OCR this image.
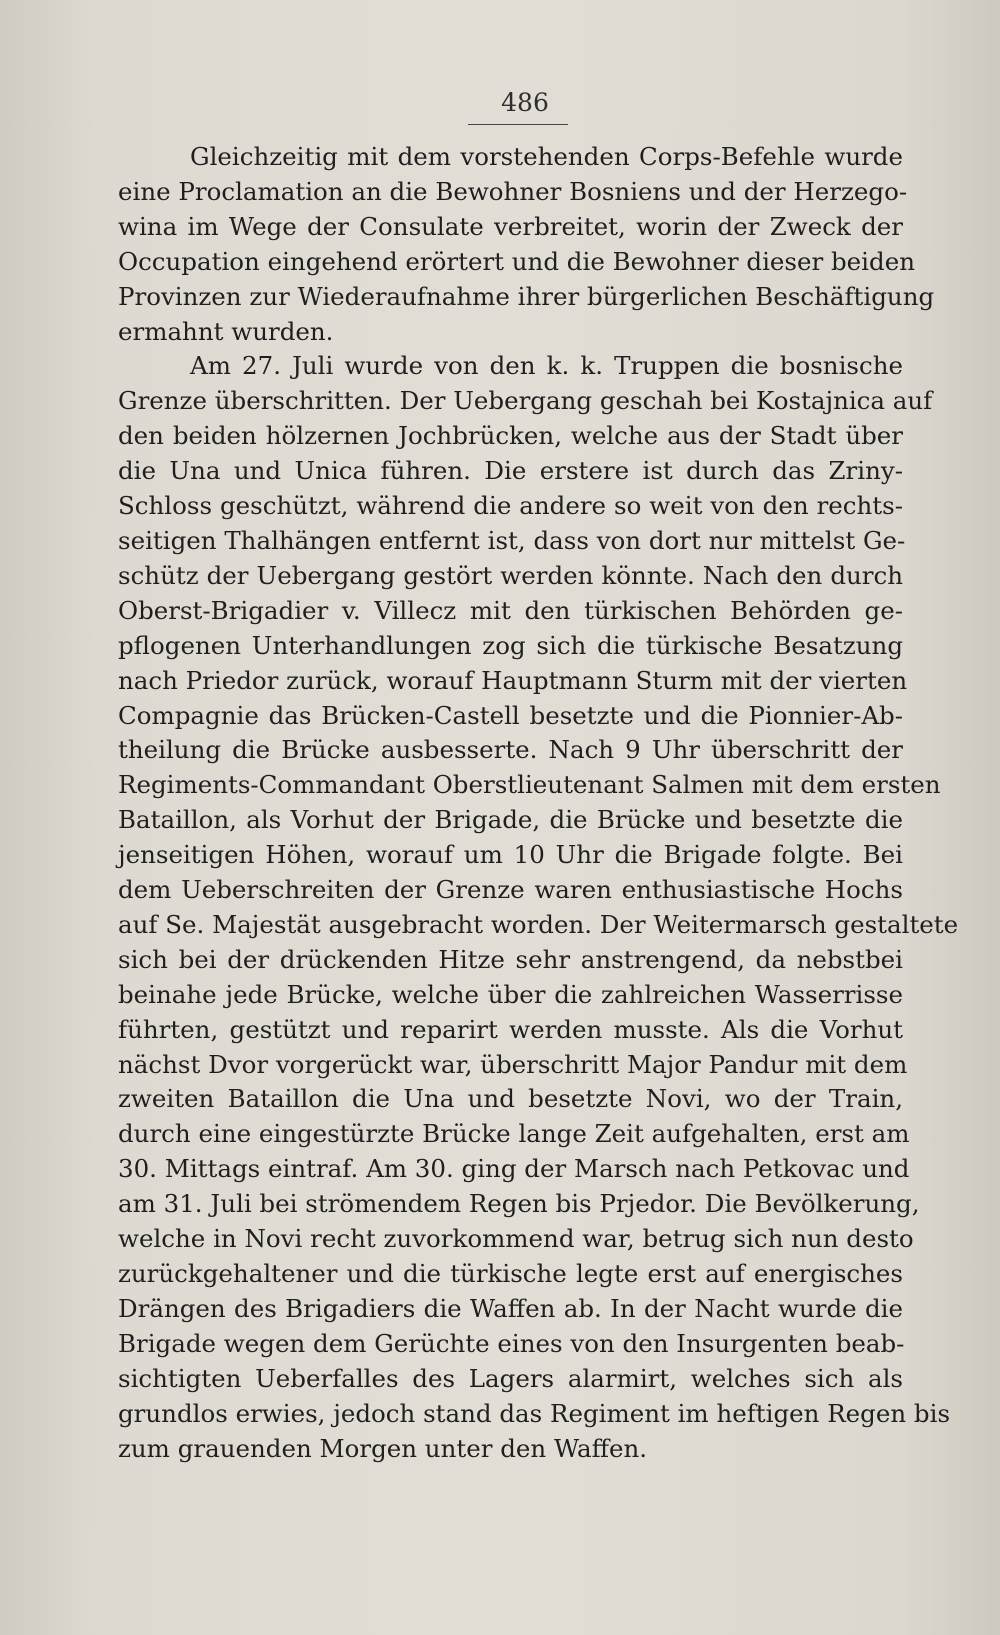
486
Gleichzeitig mit dem vorstehenden Corps-Befehle wurde
eine Proclamation an die Bewohner Bosniens und der Herzego-
wina im Wege der Consulate verbreitet, worin der Zweck der
Occupation eingehend erörtert und die Bewohner dieser beiden
Provinzen zur Wiederaufnahme ihrer bürgerlichen Beschäftigung
ermahnt wurden.
Am 27. Juli wurde von den k. k. Truppen die bosnische
Grenze überschritten. Der Uebergang geschah bei Kostajnica auf
den beiden hölzernen Jochbrücken, welche aus der Stadt über
die Una und Unica führen. Die erstere ist durch das Zriny-
Schloss geschützt, während die andere so weit von den rechts-
seitigen Thalhängen entfernt ist, dass von dort nur mittelst Ge-
schütz der Uebergang gestört werden könnte. Nach den durch
Oberst-Brigadier v. Villecz mit den türkischen Behörden ge-
pflogenen Unterhandlungen zog sich die türkische Besatzung
nach Priedor zurück, worauf Hauptmann Sturm mit der vierten
Compagnie das Brücken-Castell besetzte und die Pionnier-Ab-
theilung die Brücke ausbesserte. Nach 9 Uhr überschritt der
Regiments-Commandant Oberstlieutenant Salmen mit dem ersten
Bataillon, als Vorhut der Brigade, die Brücke und besetzte die
jenseitigen Höhen, worauf um 10 Uhr die Brigade folgte. Bei
dem Ueberschreiten der Grenze waren enthusiastische Hochs
auf Se. Majestät ausgebracht worden. Der Weitermarsch gestaltete
sich bei der drückenden Hitze sehr anstrengend, da nebstbei
beinahe jede Brücke, welche über die zahlreichen Wasserrisse
führten, gestützt und reparirt werden musste. Als die Vorhut
nächst Dvor vorgerückt war, überschritt Major Pandur mit dem
zweiten Bataillon die Una und besetzte Novi, wo der Train,
durch eine eingestürzte Brücke lange Zeit aufgehalten, erst am
30. Mittags eintraf. Am 30. ging der Marsch nach Petkovac und
am 31. Juli bei strömendem Regen bis Prjedor. Die Bevölkerung,
welche in Novi recht zuvorkommend war, betrug sich nun desto
zurückgehaltener und die türkische legte erst auf energisches
Drängen des Brigadiers die Waffen ab. In der Nacht wurde die
Brigade wegen dem Gerüchte eines von den Insurgenten beab-
sichtigten Ueberfalles des Lagers alarmirt, welches sich als
grundlos erwies, jedoch stand das Regiment im heftigen Regen bis
zum grauenden Morgen unter den Waffen.
